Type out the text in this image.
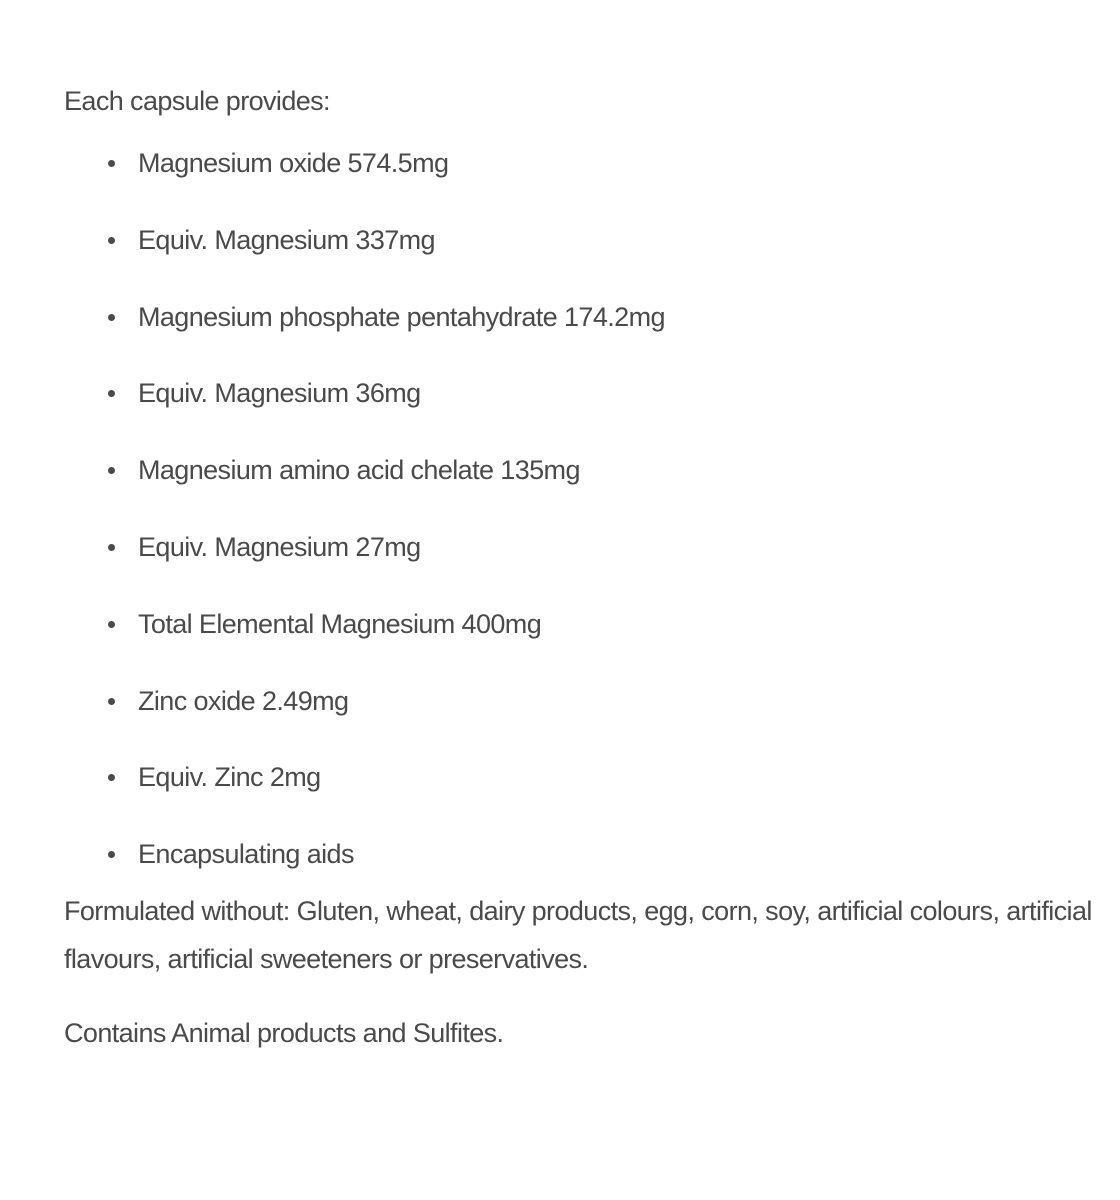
Each capsule provides:

Magnesium oxide 574.5mg
Equiv. Magnesium 337mg
Magnesium phosphate pentahydrate 174.2mg
Equiv. Magnesium 36mg
Magnesium amino acid chelate 135mg
Equiv. Magnesium 27mg
Total Elemental Magnesium 400mg
Zinc oxide 2.49mg
Equiv. Zinc 2mg
Encapsulating aids

Formulated without: Gluten, wheat, dairy products, egg, corn, soy, artificial colours, artificial flavours, artificial sweeteners or preservatives.

Contains Animal products and Sulfites.
